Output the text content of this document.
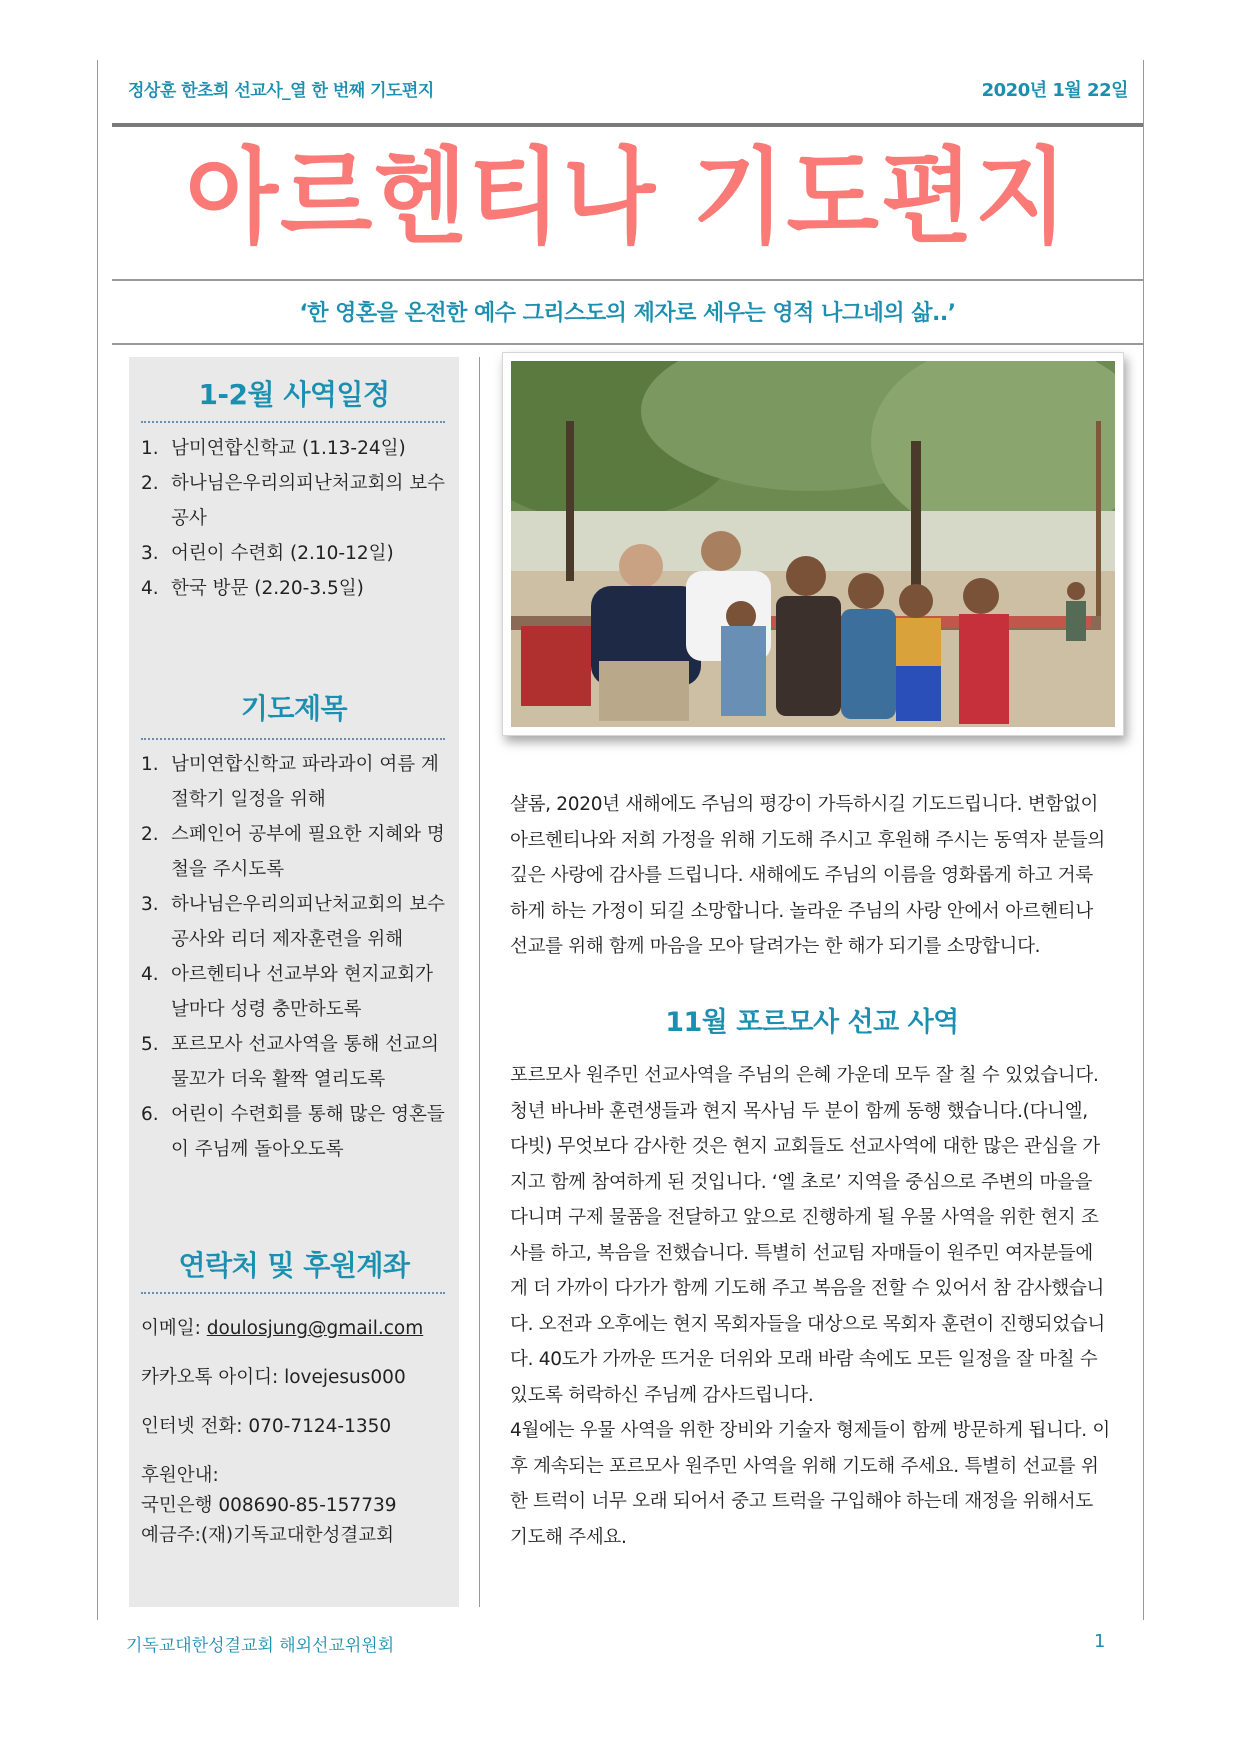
정상훈 한초희 선교사_열 한 번째 기도편지	2020년 1월 22일
아르헨티나 기도편지
‘한 영혼을 온전한 예수 그리스도의 제자로 세우는 영적 나그네의 삶..’
1-2월 사역일정
1. 남미연합신학교 (1.13-24일)
2. 하나님은우리의피난처교회의 보수공사
3. 어린이 수련회 (2.10-12일)
4. 한국 방문 (2.20-3.5일)
기도제목
1. 남미연합신학교 파라과이 여름 계절학기 일정을 위해
2. 스페인어 공부에 필요한 지혜와 명철을 주시도록
3. 하나님은우리의피난처교회의 보수공사와 리더 제자훈련을 위해
4. 아르헨티나 선교부와 현지교회가 날마다 성령 충만하도록
5. 포르모사 선교사역을 통해 선교의 물꼬가 더욱 활짝 열리도록
6. 어린이 수련회를 통해 많은 영혼들이 주님께 돌아오도록
연락처 및 후원계좌
이메일: doulosjung@gmail.com
카카오톡 아이디: lovejesus000
인터넷 전화: 070-7124-1350
후원안내:
국민은행 008690-85-157739
예금주:(재)기독교대한성결교회
샬롬, 2020년 새해에도 주님의 평강이 가득하시길 기도드립니다. 변함없이 아르헨티나와 저희 가정을 위해 기도해 주시고 후원해 주시는 동역자 분들의 깊은 사랑에 감사를 드립니다. 새해에도 주님의 이름을 영화롭게 하고 거룩하게 하는 가정이 되길 소망합니다. 놀라운 주님의 사랑 안에서 아르헨티나 선교를 위해 함께 마음을 모아 달려가는 한 해가 되기를 소망합니다.
11월 포르모사 선교 사역
포르모사 원주민 선교사역을 주님의 은혜 가운데 모두 잘 칠 수 있었습니다. 청년 바나바 훈련생들과 현지 목사님 두 분이 함께 동행 했습니다.(다니엘, 다빗) 무엇보다 감사한 것은 현지 교회들도 선교사역에 대한 많은 관심을 가지고 함께 참여하게 된 것입니다. ‘엘 초로’ 지역을 중심으로 주변의 마을을 다니며 구제 물품을 전달하고 앞으로 진행하게 될 우물 사역을 위한 현지 조사를 하고, 복음을 전했습니다. 특별히 선교팀 자매들이 원주민 여자분들에게 더 가까이 다가가 함께 기도해 주고 복음을 전할 수 있어서 참 감사했습니다. 오전과 오후에는 현지 목회자들을 대상으로 목회자 훈련이 진행되었습니다. 40도가 가까운 뜨거운 더위와 모래 바람 속에도 모든 일정을 잘 마칠 수 있도록 허락하신 주님께 감사드립니다.
4월에는 우물 사역을 위한 장비와 기술자 형제들이 함께 방문하게 됩니다. 이후 계속되는 포르모사 원주민 사역을 위해 기도해 주세요. 특별히 선교를 위한 트럭이 너무 오래 되어서 중고 트럭을 구입해야 하는데 재정을 위해서도 기도해 주세요.
기독교대한성결교회 해외선교위원회	1
